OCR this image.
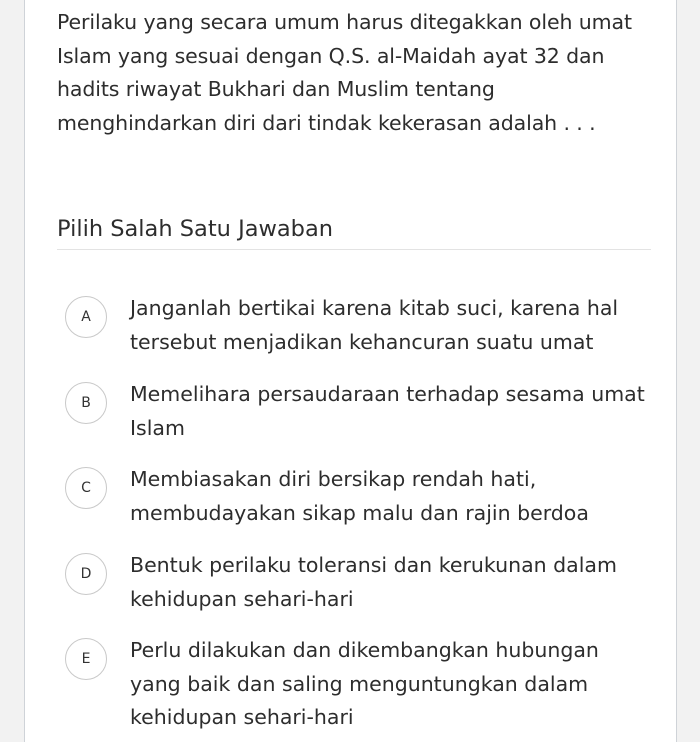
Perilaku yang secara umum harus ditegakkan oleh umat Islam yang sesuai dengan Q.S. al-Maidah ayat 32 dan hadits riwayat Bukhari dan Muslim tentang menghindarkan diri dari tindak kekerasan adalah . . .
Pilih Salah Satu Jawaban
A	Janganlah bertikai karena kitab suci, karena hal tersebut menjadikan kehancuran suatu umat
B	Memelihara persaudaraan terhadap sesama umat Islam
C	Membiasakan diri bersikap rendah hati, membudayakan sikap malu dan rajin berdoa
D	Bentuk perilaku toleransi dan kerukunan dalam kehidupan sehari-hari
E	Perlu dilakukan dan dikembangkan hubungan yang baik dan saling menguntungkan dalam kehidupan sehari-hari
